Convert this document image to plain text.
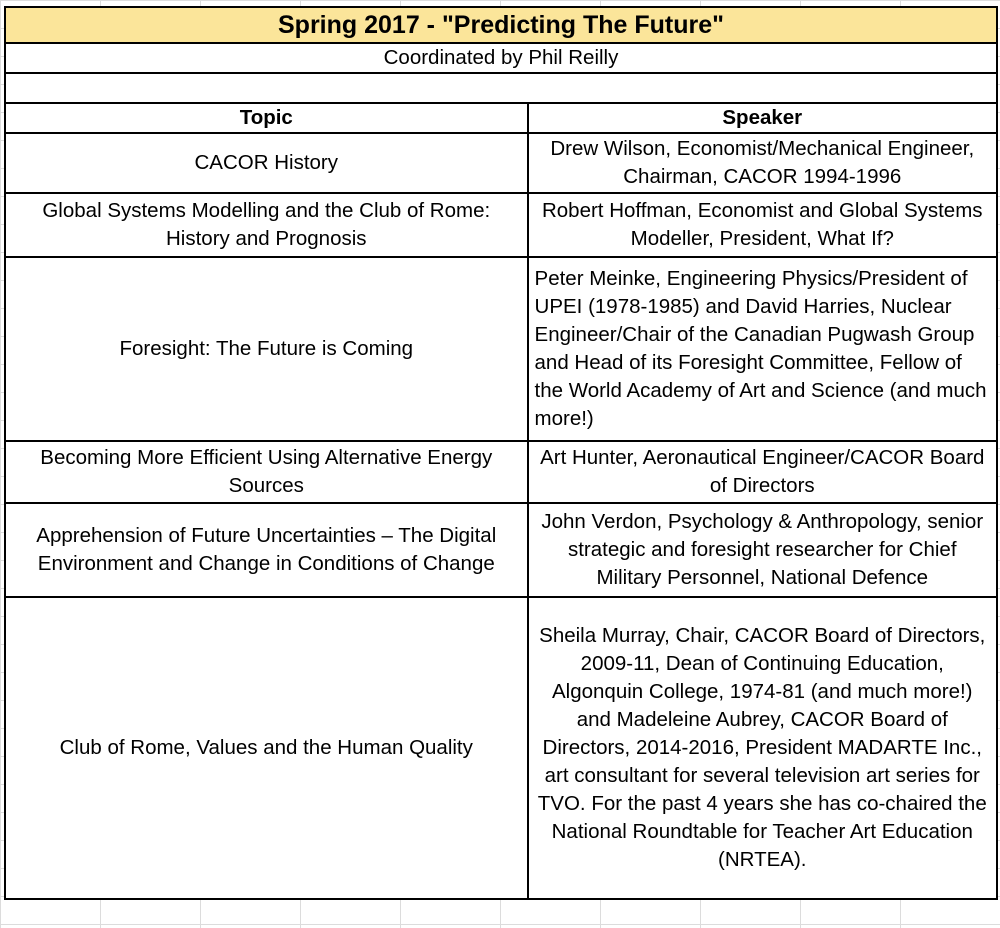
Spring 2017 - "Predicting The Future"	
Coordinated by Phil Reilly	

Topic	Speaker
CACOR History	Drew Wilson, Economist/Mechanical Engineer, Chairman, CACOR 1994-1996
Global Systems Modelling and the Club of Rome: History and Prognosis	Robert Hoffman, Economist and Global Systems Modeller, President, What If?
Foresight: The Future is Coming	Peter Meinke, Engineering Physics/President of UPEI (1978-1985) and David Harries, Nuclear Engineer/Chair of the Canadian Pugwash Group and Head of its Foresight Committee, Fellow of the World Academy of Art and Science (and much more!)
Becoming More Efficient Using Alternative Energy Sources	Art Hunter, Aeronautical Engineer/CACOR Board of Directors
Apprehension of Future Uncertainties – The Digital Environment and Change in Conditions of Change	John Verdon, Psychology & Anthropology, senior strategic and foresight researcher for Chief Military Personnel, National Defence
Club of Rome, Values and the Human Quality	Sheila Murray, Chair, CACOR Board of Directors, 2009-11, Dean of Continuing Education, Algonquin College, 1974-81 (and much more!) and Madeleine Aubrey, CACOR Board of Directors, 2014-2016, President MADARTE Inc., art consultant for several television art series for TVO. For the past 4 years she has co-chaired the National Roundtable for Teacher Art Education (NRTEA).
